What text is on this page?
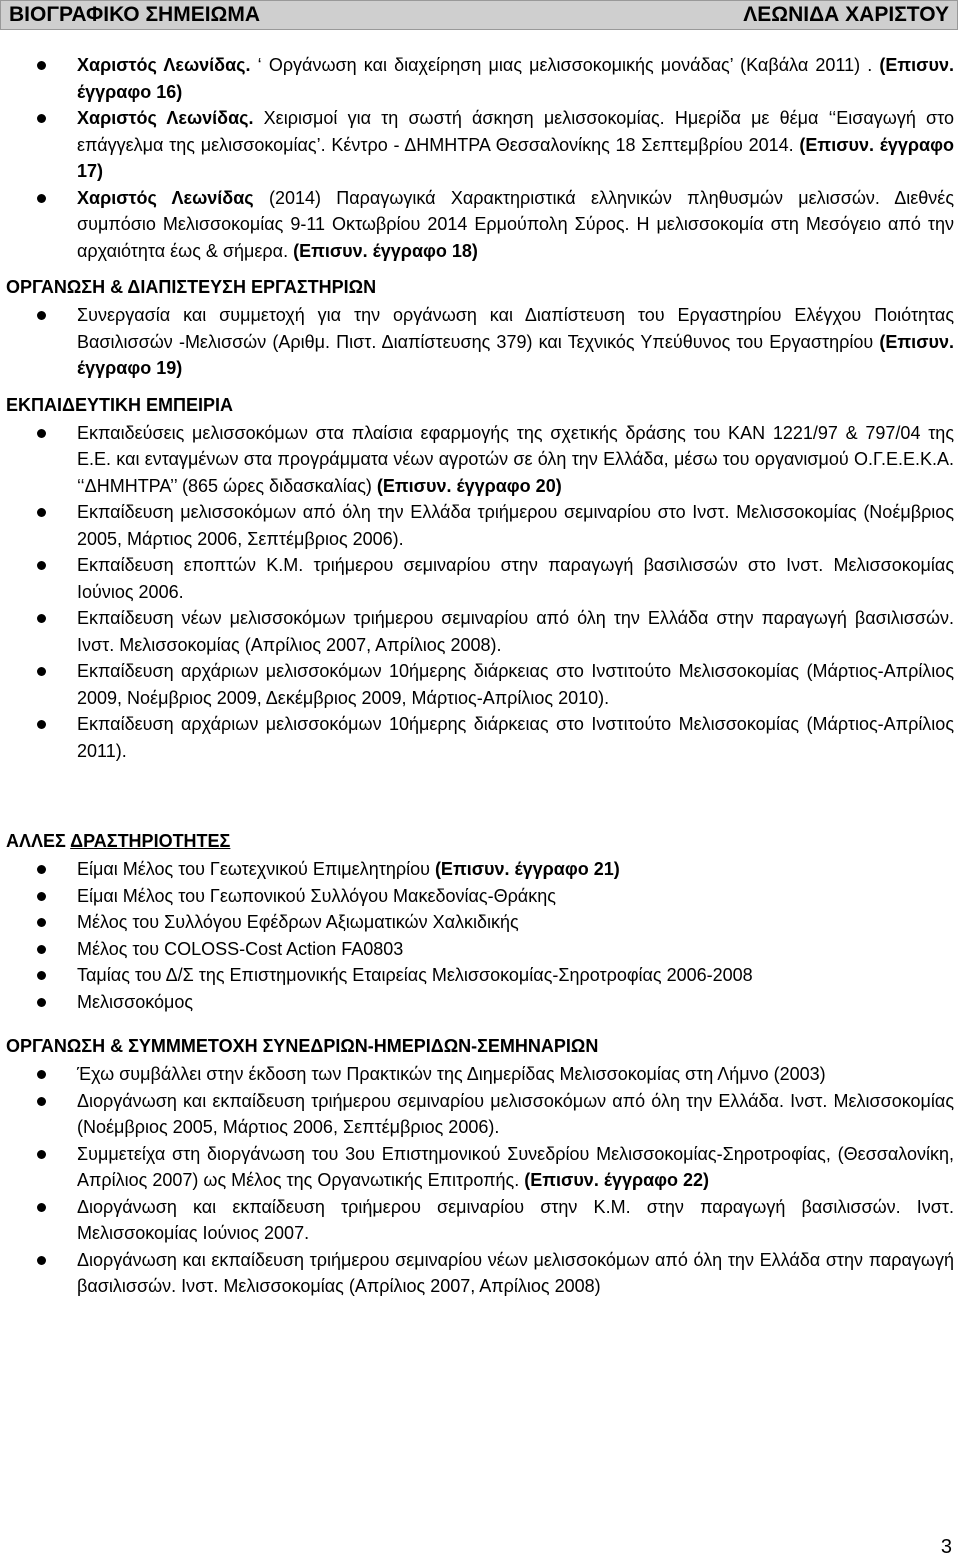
ΒΙΟΓΡΑΦΙΚΟ ΣΗΜΕΙΩΜΑ	ΛΕΩΝΙΔΑ ΧΑΡΙΣΤΟΥ
Χαριστός Λεωνίδας. ‘ Οργάνωση και διαχείρηση μιας μελισσοκομικής μονάδας’ (Καβάλα 2011) . (Επισυν. έγγραφο 16)
Χαριστός Λεωνίδας. Χειρισμοί για τη σωστή άσκηση μελισσοκομίας. Ημερίδα με θέμα ‘‘Εισαγωγή στο επάγγελμα της μελισσοκομίας’. Κέντρο - ΔΗΜΗΤΡΑ Θεσσαλονίκης 18 Σεπτεμβρίου 2014. (Επισυν. έγγραφο 17)
Χαριστός Λεωνίδας (2014) Παραγωγικά Χαρακτηριστικά ελληνικών πληθυσμών μελισσών. Διεθνές συμπόσιο Μελισσοκομίας 9-11 Οκτωβρίου 2014 Ερμούπολη Σύρος. Η μελισσοκομία στη Μεσόγειο από την αρχαιότητα έως & σήμερα. (Επισυν. έγγραφο 18)
ΟΡΓΑΝΩΣΗ & ΔΙΑΠΙΣΤΕΥΣΗ ΕΡΓΑΣΤΗΡΙΩΝ
Συνεργασία και συμμετοχή για την οργάνωση και Διαπίστευση του Εργαστηρίου Ελέγχου Ποιότητας Βασιλισσών -Μελισσών (Αριθμ. Πιστ. Διαπίστευσης 379) και Τεχνικός Υπεύθυνος του Εργαστηρίου (Επισυν. έγγραφο 19)
ΕΚΠΑΙΔΕΥΤΙΚΗ ΕΜΠΕΙΡΙΑ
Εκπαιδεύσεις μελισσοκόμων στα πλαίσια εφαρμογής της σχετικής δράσης του ΚΑΝ 1221/97 & 797/04 της Ε.Ε. και ενταγμένων στα προγράμματα νέων αγροτών σε όλη την Ελλάδα, μέσω του οργανισμού Ο.Γ.Ε.Ε.Κ.Α. ‘‘ΔΗΜΗΤΡΑ’’ (865 ώρες διδασκαλίας) (Επισυν. έγγραφο 20)
Εκπαίδευση μελισσοκόμων από όλη την Ελλάδα τριήμερου σεμιναρίου στο Ινστ. Μελισσοκομίας (Νοέμβριος 2005, Μάρτιος 2006, Σεπτέμβριος 2006).
Εκπαίδευση εποπτών Κ.Μ. τριήμερου σεμιναρίου στην παραγωγή βασιλισσών στο Ινστ. Μελισσοκομίας Ιούνιος 2006.
Εκπαίδευση νέων μελισσοκόμων τριήμερου σεμιναρίου από όλη την Ελλάδα στην παραγωγή βασιλισσών. Ινστ. Μελισσοκομίας (Απρίλιος 2007, Απρίλιος 2008).
Εκπαίδευση αρχάριων μελισσοκόμων 10ήμερης διάρκειας στο Ινστιτούτο Μελισσοκομίας (Μάρτιος-Απρίλιος 2009, Νοέμβριος 2009, Δεκέμβριος 2009, Μάρτιος-Απρίλιος 2010).
Εκπαίδευση αρχάριων μελισσοκόμων 10ήμερης διάρκειας στο Ινστιτούτο Μελισσοκομίας (Μάρτιος-Απρίλιος 2011).
ΑΛΛΕΣ ΔΡΑΣΤΗΡΙΟΤΗΤΕΣ
Είμαι Μέλος του Γεωτεχνικού Επιμελητηρίου (Επισυν. έγγραφο 21)
Είμαι Μέλος του Γεωπονικού Συλλόγου Μακεδονίας-Θράκης
Μέλος του Συλλόγου Εφέδρων Αξιωματικών Χαλκιδικής
Μέλος του COLOSS-Cost Action FA0803
Ταμίας του Δ/Σ της Επιστημονικής Εταιρείας Μελισσοκομίας-Σηροτροφίας 2006-2008
Μελισσοκόμος
ΟΡΓΑΝΩΣΗ & ΣΥΜΜΜΕΤΟΧΗ ΣΥΝΕΔΡΙΩΝ-ΗΜΕΡΙΔΩΝ-ΣΕΜΗΝΑΡΙΩΝ
Έχω συμβάλλει στην έκδοση των Πρακτικών της Διημερίδας Μελισσοκομίας στη Λήμνο (2003)
Διοργάνωση και εκπαίδευση τριήμερου σεμιναρίου μελισσοκόμων από όλη την Ελλάδα. Ινστ. Μελισσοκομίας (Νοέμβριος 2005, Μάρτιος 2006, Σεπτέμβριος 2006).
Συμμετείχα στη διοργάνωση του 3ου Επιστημονικού Συνεδρίου Μελισσοκομίας-Σηροτροφίας, (Θεσσαλονίκη, Απρίλιος 2007) ως Μέλος της Οργανωτικής Επιτροπής. (Επισυν. έγγραφο 22)
Διοργάνωση και εκπαίδευση τριήμερου σεμιναρίου στην Κ.Μ. στην παραγωγή βασιλισσών. Ινστ. Μελισσοκομίας Ιούνιος 2007.
Διοργάνωση και εκπαίδευση τριήμερου σεμιναρίου νέων μελισσοκόμων από όλη την Ελλάδα στην παραγωγή βασιλισσών. Ινστ. Μελισσοκομίας (Απρίλιος 2007, Απρίλιος 2008)
3
